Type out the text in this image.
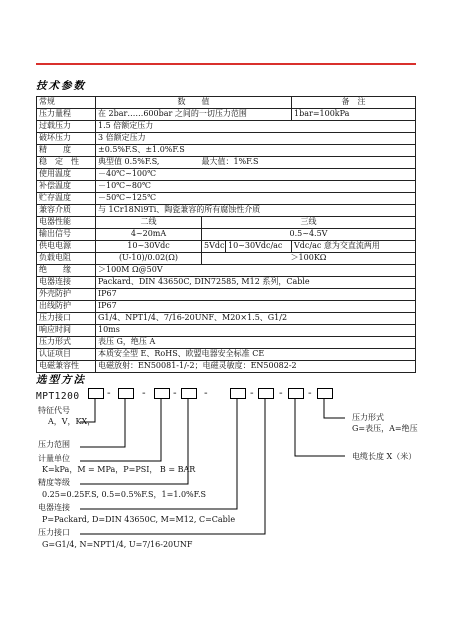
技术参数
常规	数　　值			备　注
压力量程	在 2bar……600bar 之间的一切压力范围			1bar=100kPa
过载压力	1.5 倍额定压力			
破坏压力	3 倍额定压力			
精　　度	±0.5%F.S、±1.0%F.S			
稳　定　性	典型值 0.5%F.S, 最大值：1%F.S			
使用温度	－40℃~100℃			
补偿温度	－10℃~80℃			
贮存温度	－50℃~125℃			
兼容介质	与 1Cr18Ni9Ti、陶瓷兼容的所有腐蚀性介质			
电器性能	二线	三线		
输出信号	4~20mA	0.5~4.5V		
供电电源	10~30Vdc	5Vdc	10~30Vdc/ac	Vdc/ac 意为交直流两用
负载电阻	(U-10)/0.02(Ω)	＞100KΩ		
绝　　缘	＞100M Ω@50V			
电器连接	Packard、DIN 43650C, DIN72585, M12 系列，Cable			
外壳防护	IP67			
出线防护	IP67			
压力接口	G1/4、NPT1/4、7/16-20UNF、M20×1.5、G1/2			
响应时间	10ms			
压力形式	表压 G，绝压 A			
认证项目	本质安全型 E、RoHS、欧盟电器安全标准 CE			
电磁兼容性	电磁放射：EN50081-1/-2；电磁灵敏度：EN50082-2			
选型方法
MPT1200	-	-	-	-	-	-	-
特征代号
A，V，KX，
压力范围
计量单位
K=kPa，M = MPa，P=PSI， B = BAR
精度等级
0.25=0.25F.S, 0.5=0.5%F.S，1=1.0%F.S
电器连接
P=Packard, D=DIN 43650C, M=M12, C=Cable
压力接口
G=G1/4, N=NPT1/4, U=7/16-20UNF
压力形式
G=表压，A=绝压
电缆长度 X（米）
